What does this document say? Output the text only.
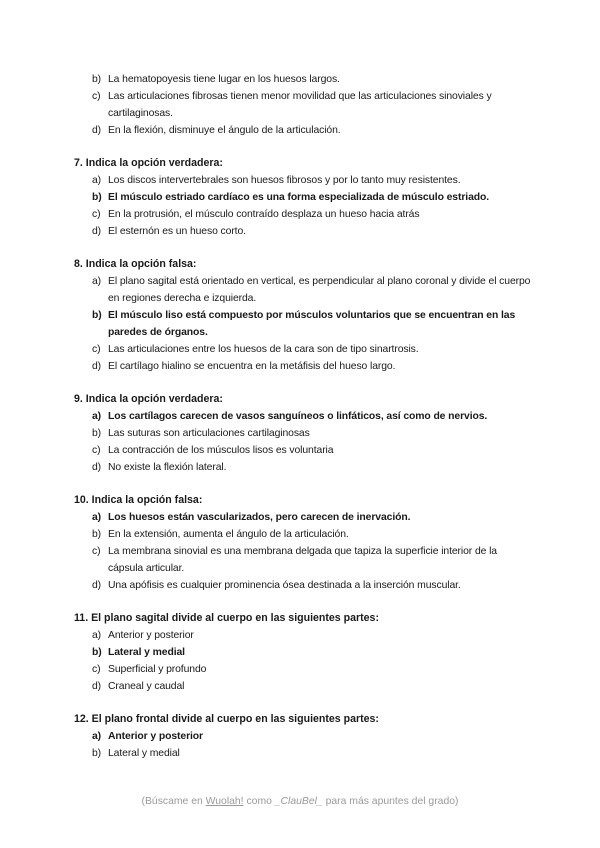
b) La hematopoyesis tiene lugar en los huesos largos.
c) Las articulaciones fibrosas tienen menor movilidad que las articulaciones sinoviales y cartilaginosas.
d) En la flexión, disminuye el ángulo de la articulación.
7. Indica la opción verdadera:
a) Los discos intervertebrales son huesos fibrosos y por lo tanto muy resistentes.
b) El músculo estriado cardíaco es una forma especializada de músculo estriado.
c) En la protrusión, el músculo contraído desplaza un hueso hacia atrás
d) El esternón es un hueso corto.
8. Indica la opción falsa:
a) El plano sagital está orientado en vertical, es perpendicular al plano coronal y divide el cuerpo en regiones derecha e izquierda.
b) El músculo liso está compuesto por músculos voluntarios que se encuentran en las paredes de órganos.
c) Las articulaciones entre los huesos de la cara son de tipo sinartrosis.
d) El cartílago hialino se encuentra en la metáfisis del hueso largo.
9. Indica la opción verdadera:
a) Los cartílagos carecen de vasos sanguíneos o linfáticos, así como de nervios.
b) Las suturas son articulaciones cartilaginosas
c) La contracción de los músculos lisos es voluntaria
d) No existe la flexión lateral.
10. Indica la opción falsa:
a) Los huesos están vascularizados, pero carecen de inervación.
b) En la extensión, aumenta el ángulo de la articulación.
c) La membrana sinovial es una membrana delgada que tapiza la superficie interior de la cápsula articular.
d) Una apófisis es cualquier prominencia ósea destinada a la inserción muscular.
11. El plano sagital divide al cuerpo en las siguientes partes:
a) Anterior y posterior
b) Lateral y medial
c) Superficial y profundo
d) Craneal y caudal
12. El plano frontal divide al cuerpo en las siguientes partes:
a) Anterior y posterior
b) Lateral y medial
(Búscame en Wuolah! como _ClauBel_ para más apuntes del grado)
